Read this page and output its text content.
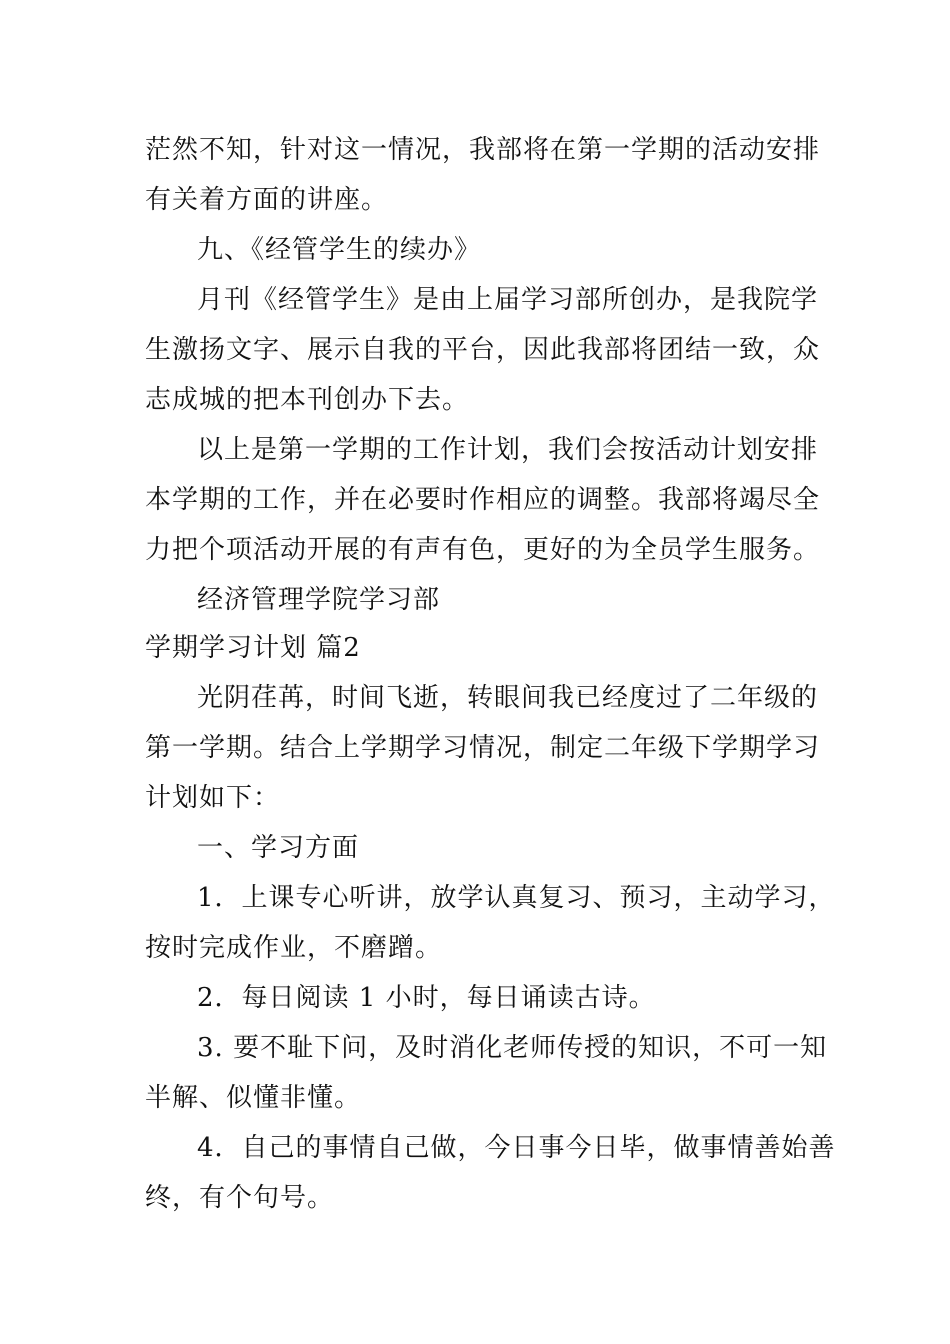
茫然不知，针对这一情况，我部将在第一学期的活动安排
有关着方面的讲座。
九、《经管学生的续办》
月刊《经管学生》是由上届学习部所创办，是我院学
生激扬文字、展示自我的平台，因此我部将团结一致，众
志成城的把本刊创办下去。
以上是第一学期的工作计划，我们会按活动计划安排
本学期的工作，并在必要时作相应的调整。我部将竭尽全
力把个项活动开展的有声有色，更好的为全员学生服务。
经济管理学院学习部
学期学习计划 篇2
光阴荏苒，时间飞逝，转眼间我已经度过了二年级的
第一学期。结合上学期学习情况，制定二年级下学期学习
计划如下：
一、学习方面
1．上课专心听讲，放学认真复习、预习，主动学习，
按时完成作业，不磨蹭。
2．每日阅读 1 小时，每日诵读古诗。
3. 要不耻下问，及时消化老师传授的知识，不可一知
半解、似懂非懂。
4．自己的事情自己做，今日事今日毕，做事情善始善
终，有个句号。
